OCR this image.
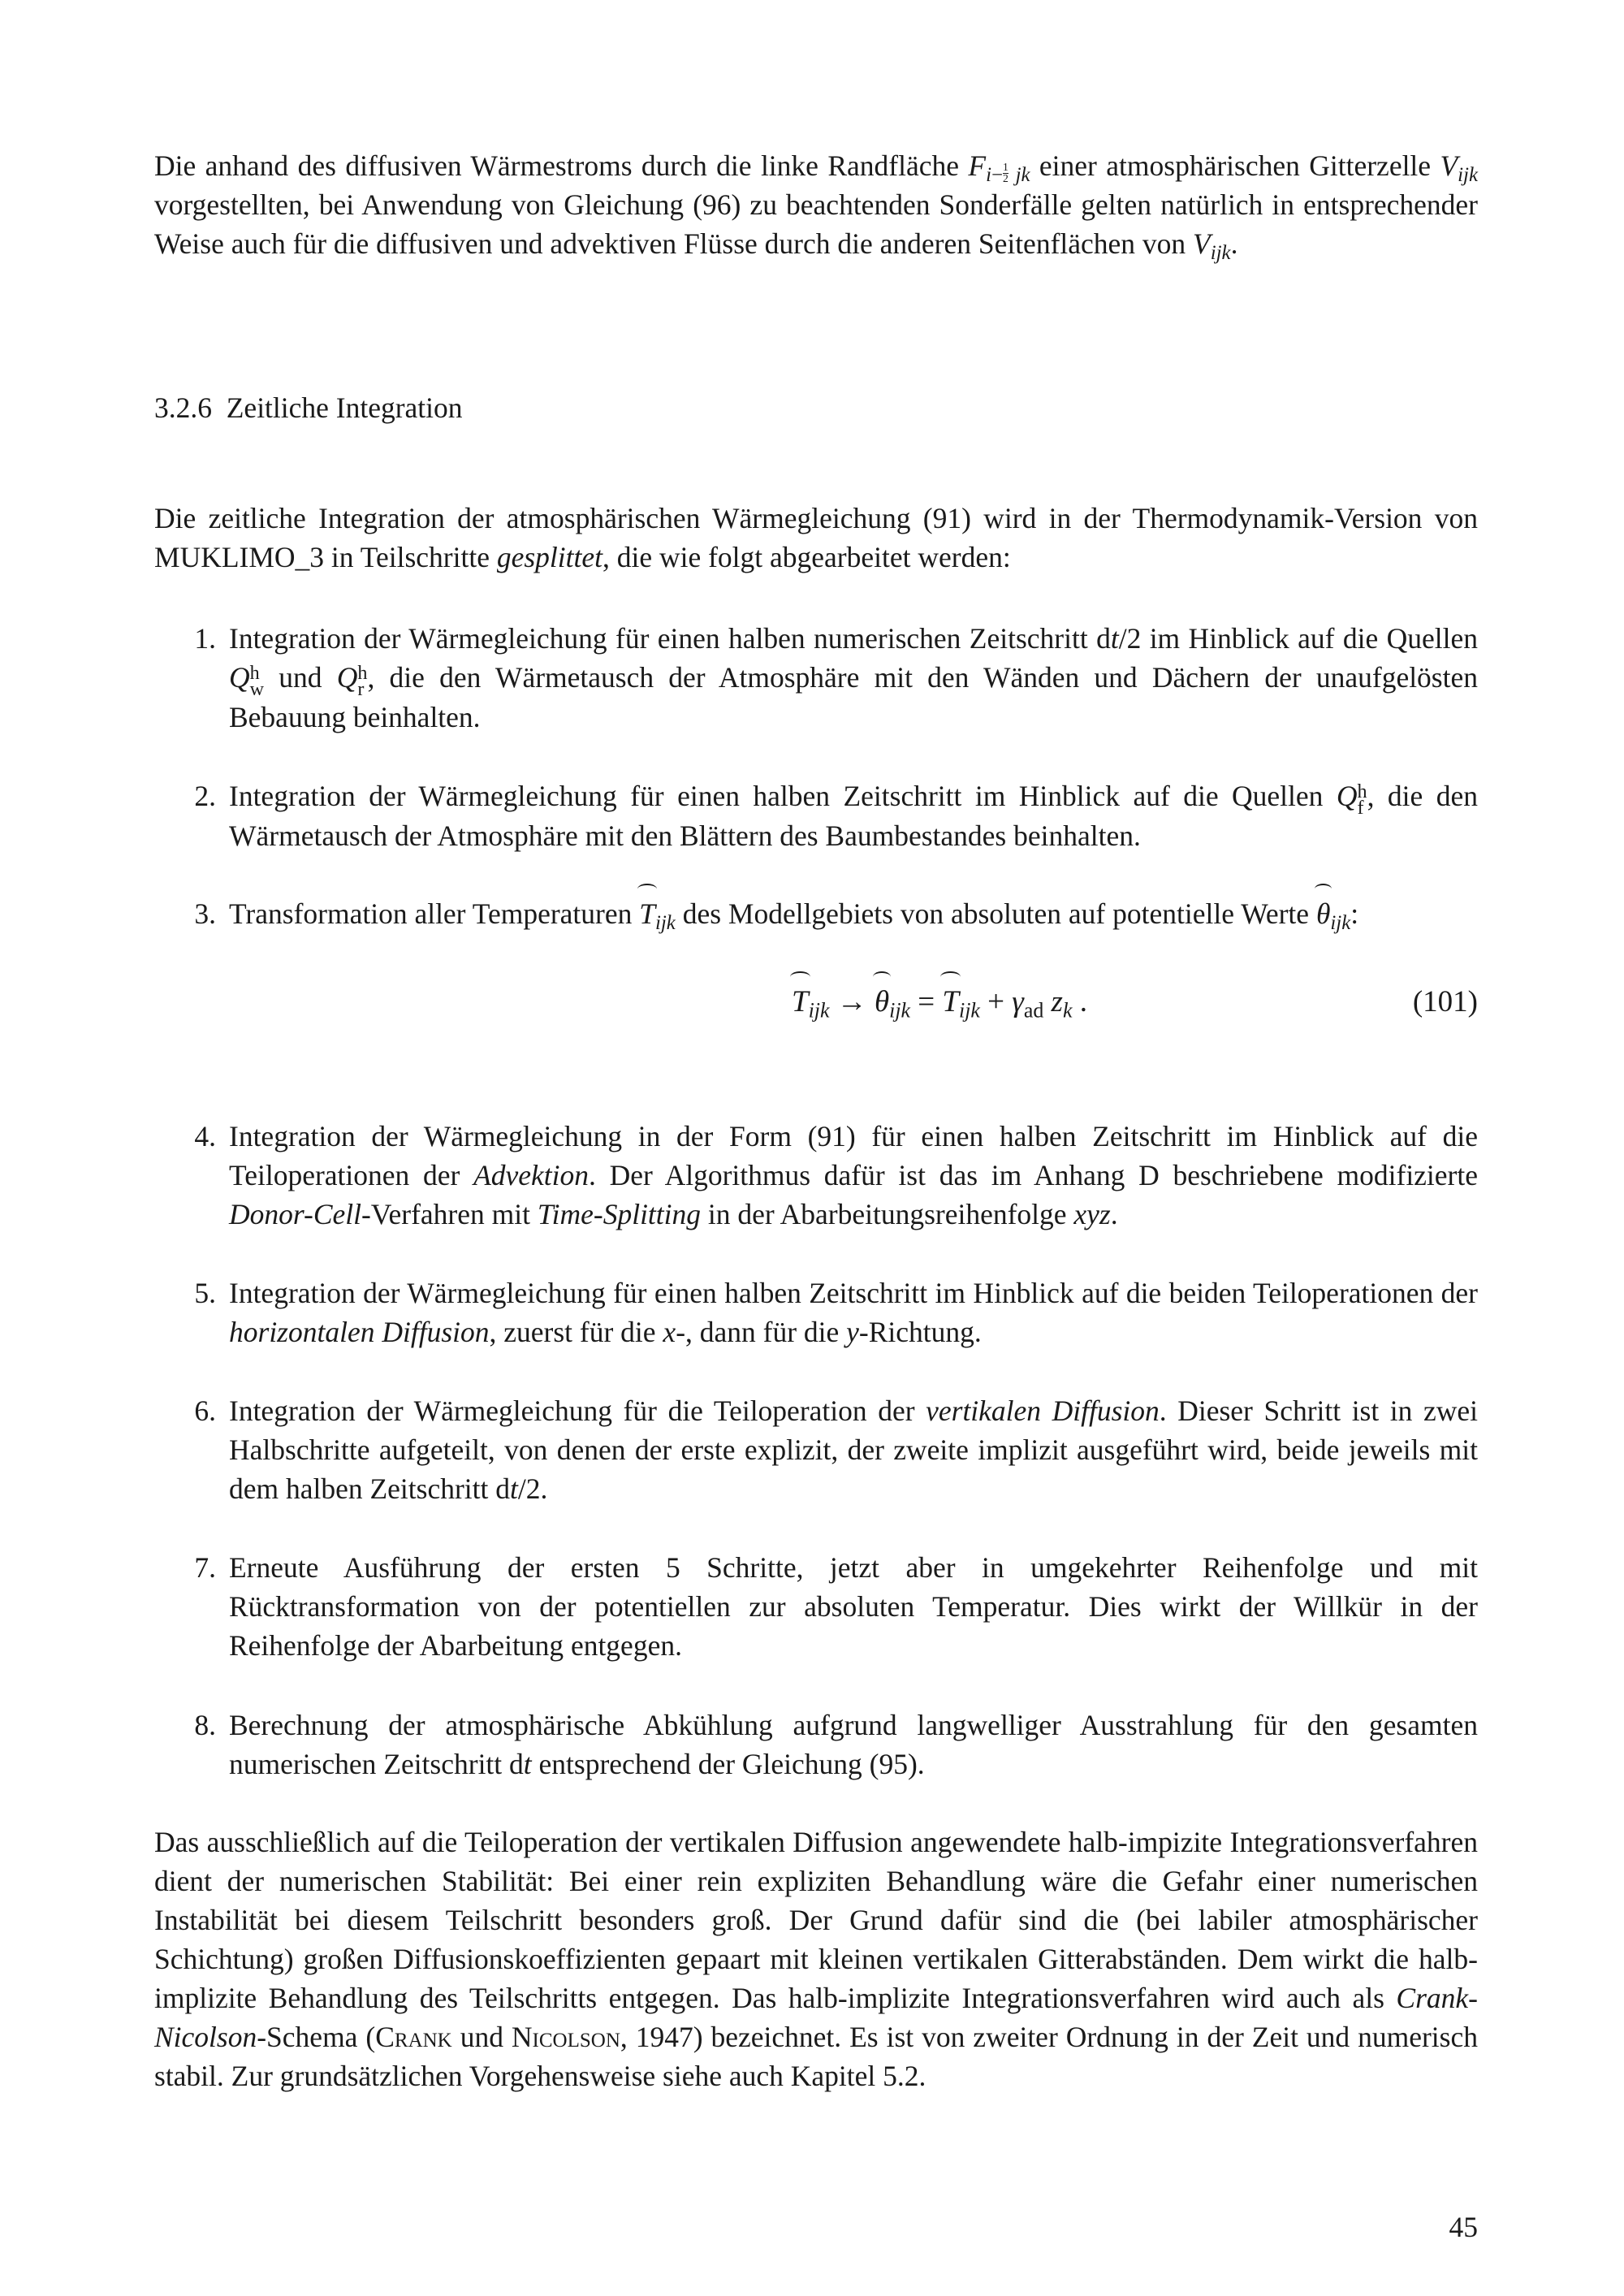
Die anhand des diffusiven Wärmestroms durch die linke Randfläche $F_{i- \frac{1}{2} jk}$ einer atmosphärischen Gitterzelle $V_{ijk}$ vorgestellten, bei Anwendung von Gleichung (96) zu beachtenden Sonderfälle gelten natürlich in entsprechender Weise auch für die diffusiven und advektiven Flüsse durch die anderen Seitenflächen von $V_{ijk}$.

3.2.6 Zeitliche Integration

Die zeitliche Integration der atmosphärischen Wärmegleichung (91) wird in der Thermodynamik-Version von MUKLIMO_3 in Teilschritte gesplittet, die wie folgt abgearbeitet werden:

1. Integration der Wärmegleichung für einen halben numerischen Zeitschritt dt/2 im Hinblick auf die Quellen Q h
w und Q h
r , die den Wärmetausch der Atmosphäre mit den Wänden und Dächern der unaufgelösten Bebauung beinhalten.
2. Integration der Wärmegleichung für einen halben Zeitschritt im Hinblick auf die Quellen Q h
f , die den Wärmetausch der Atmosphäre mit den Blättern des Baumbestandes beinhalten.
3. Transformation aller Temperaturen $T_{ijk}$ des Modellgebiets von absoluten auf potentielle Werte $\theta_{ijk}$:
$T_{ijk} \to \theta_{ijk} = T_{ijk} + \gamma_{ad}$ $z_k$ .	(101)
4. Integration der Wärmegleichung in der Form (91) für einen halben Zeitschritt im Hinblick auf die Teiloperationen der Advektion. Der Algorithmus dafür ist das im Anhang D beschriebene modifizierte Donor-Cell-Verfahren mit Time-Splitting in der Abarbeitungsreihenfolge xyz.
5. Integration der Wärmegleichung für einen halben Zeitschritt im Hinblick auf die beiden Teiloperationen der horizontalen Diffusion, zuerst für die x-, dann für die y-Richtung.
6. Integration der Wärmegleichung für die Teiloperation der vertikalen Diffusion. Dieser Schritt ist in zwei Halbschritte aufgeteilt, von denen der erste explizit, der zweite implizit ausgeführt wird, beide jeweils mit dem halben Zeitschritt dt/2.
7. Erneute Ausführung der ersten 5 Schritte, jetzt aber in umgekehrter Reihenfolge und mit Rücktransformation von der potentiellen zur absoluten Temperatur. Dies wirkt der Willkür in der Reihenfolge der Abarbeitung entgegen.
8. Berechnung der atmosphärische Abkühlung aufgrund langwelliger Ausstrahlung für den gesamten numerischen Zeitschritt dt entsprechend der Gleichung (95).

Das ausschließlich auf die Teiloperation der vertikalen Diffusion angewendete halb-impizite Integrationsverfahren dient der numerischen Stabilität: Bei einer rein expliziten Behandlung wäre die Gefahr einer numerischen Instabilität bei diesem Teilschritt besonders groß. Der Grund dafür sind die (bei labiler atmosphärischer Schichtung) großen Diffusionskoeffizienten gepaart mit kleinen vertikalen Gitterabständen. Dem wirkt die halb-implizite Behandlung des Teilschritts entgegen. Das halb-implizite Integrationsverfahren wird auch als Crank-Nicolson-Schema (Crank und Nicolson, 1947) bezeichnet. Es ist von zweiter Ordnung in der Zeit und numerisch stabil. Zur grundsätzlichen Vorgehensweise siehe auch Kapitel 5.2.

45
